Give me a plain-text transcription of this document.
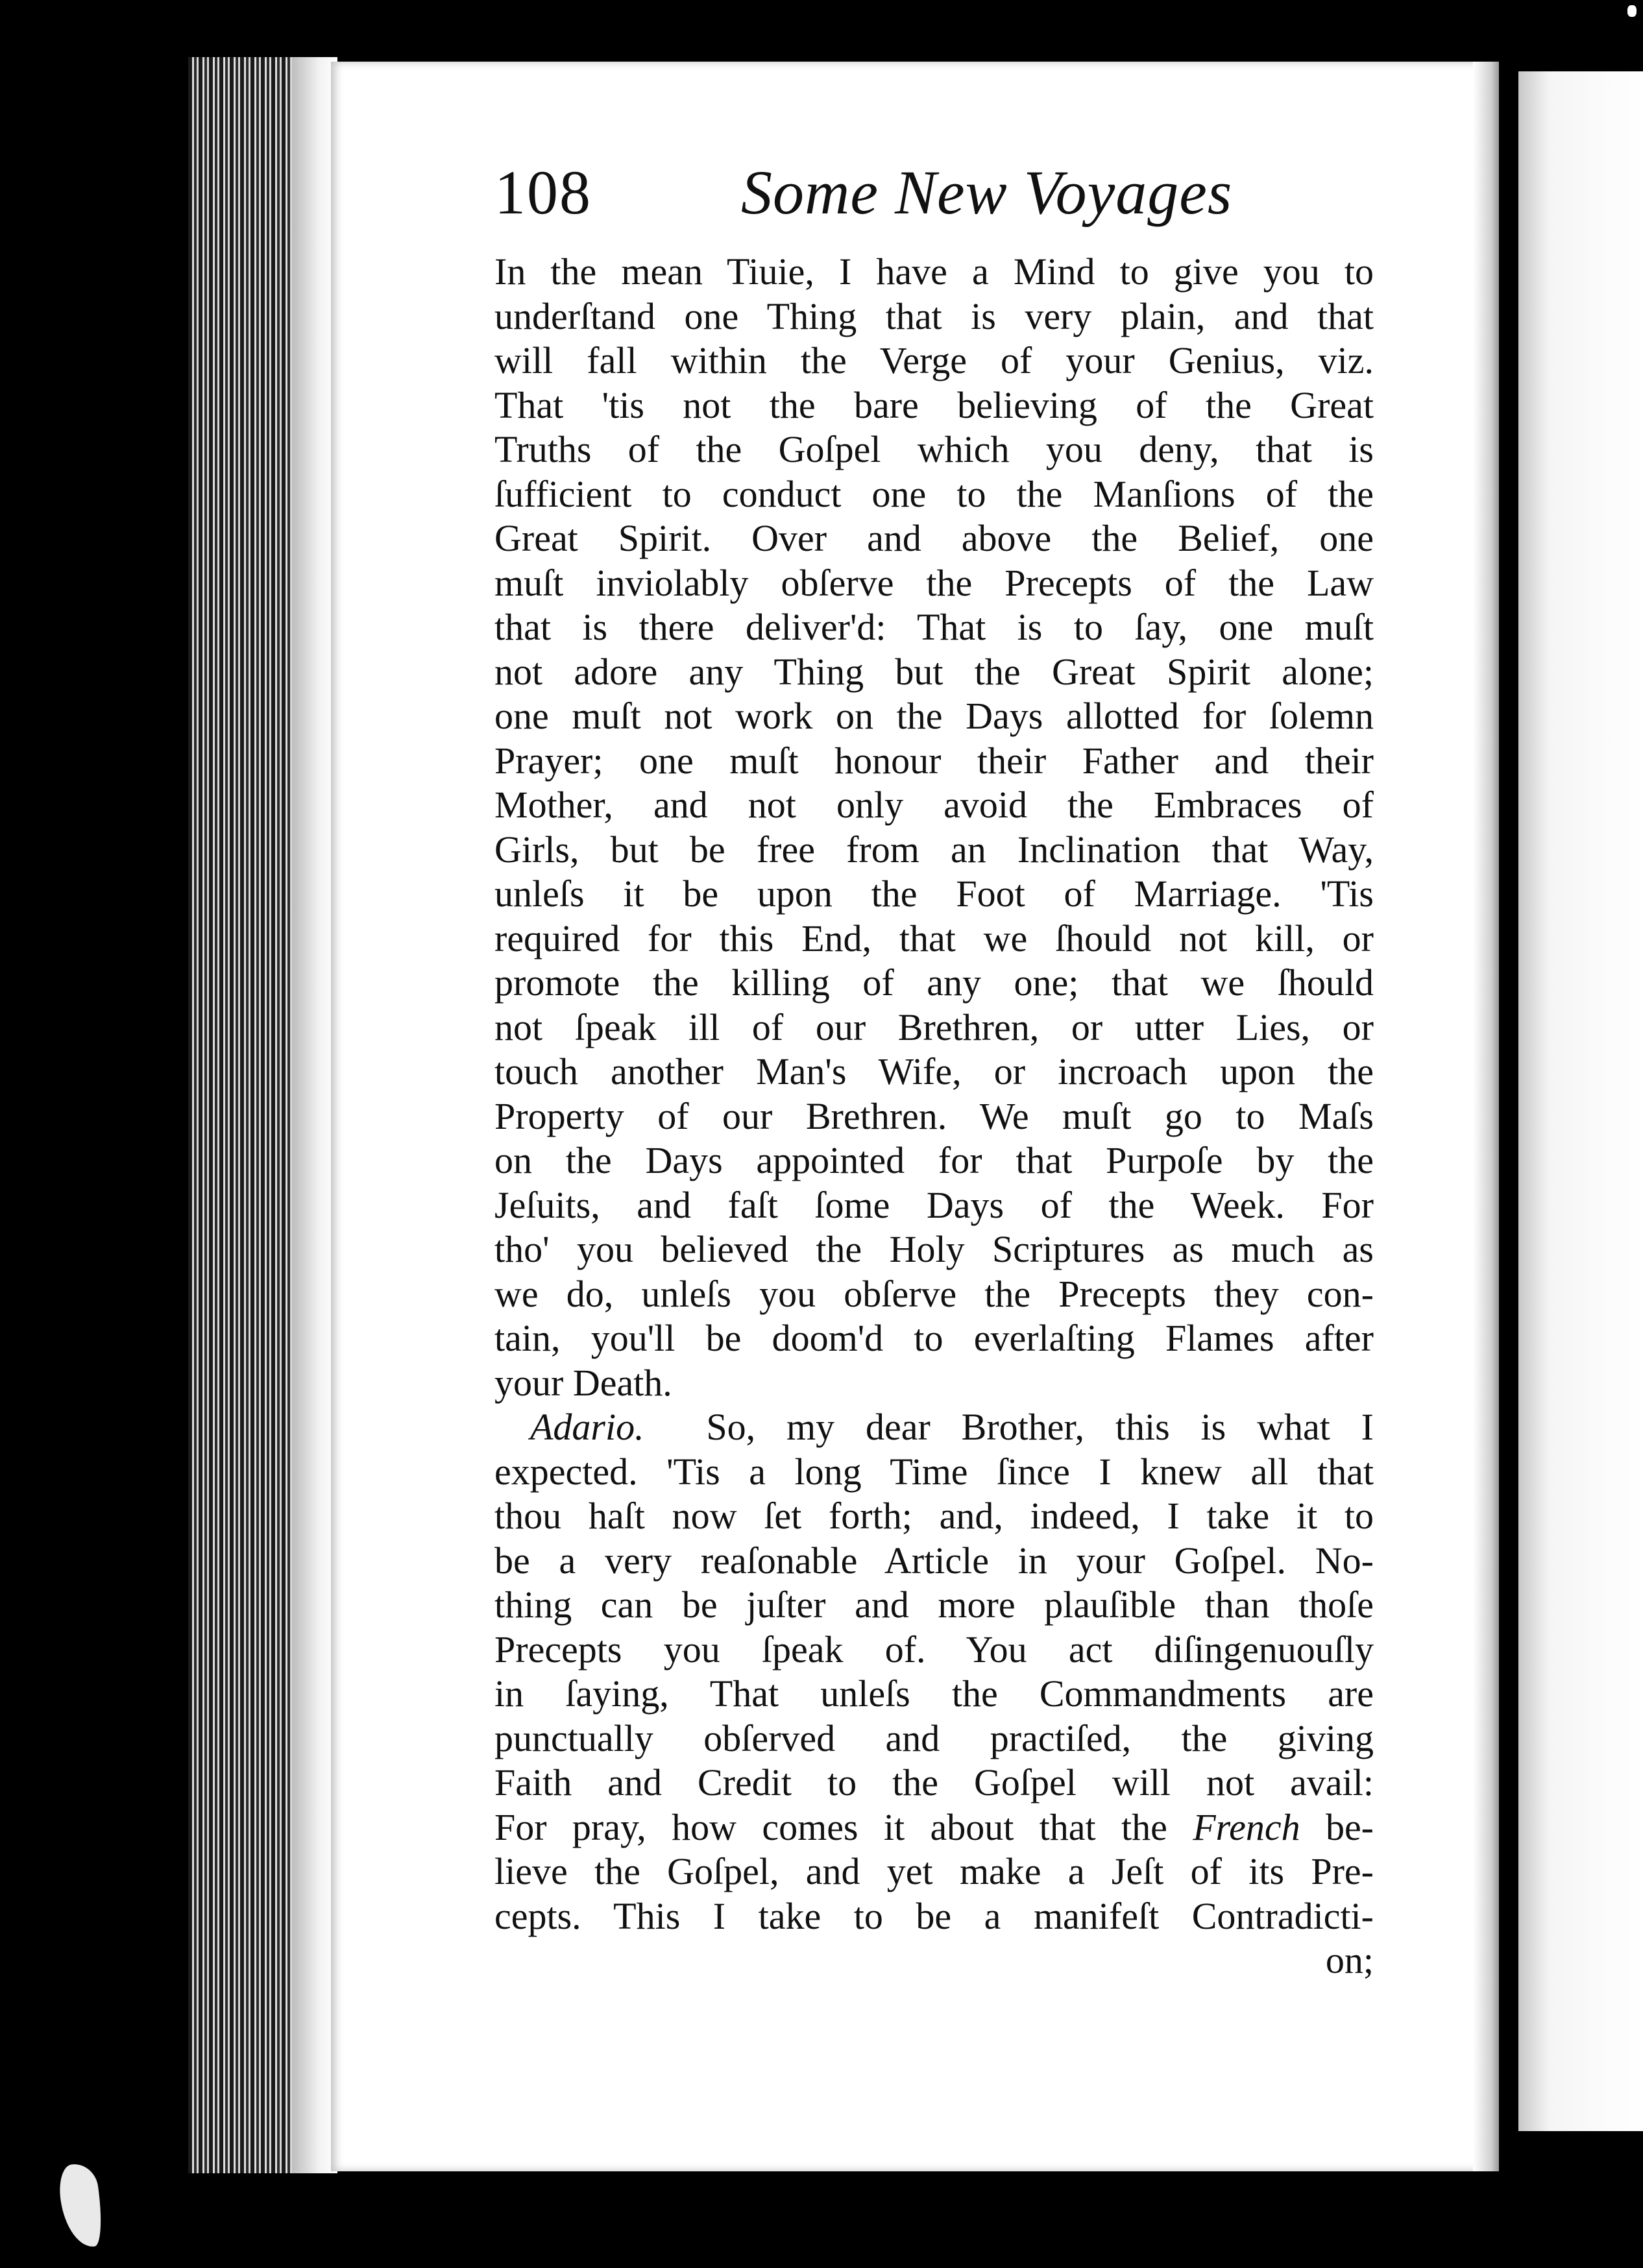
108 Some New Voyages
In the mean Tiuie, I have a Mind to give you to
underſtand one Thing that is very plain, and that
will fall within the Verge of your Genius, viz.
That 'tis not the bare believing of the Great
Truths of the Goſpel which you deny, that is
ſufficient to conduct one to the Manſions of the
Great Spirit. Over and above the Belief, one
muſt inviolably obſerve the Precepts of the Law
that is there deliver'd: That is to ſay, one muſt
not adore any Thing but the Great Spirit alone;
one muſt not work on the Days allotted for ſolemn
Prayer; one muſt honour their Father and their
Mother, and not only avoid the Embraces of
Girls, but be free from an Inclination that Way,
unleſs it be upon the Foot of Marriage. 'Tis
required for this End, that we ſhould not kill, or
promote the killing of any one; that we ſhould
not ſpeak ill of our Brethren, or utter Lies, or
touch another Man's Wife, or incroach upon the
Property of our Brethren. We muſt go to Maſs
on the Days appointed for that Purpoſe by the
Jeſuits, and faſt ſome Days of the Week. For
tho' you believed the Holy Scriptures as much as
we do, unleſs you obſerve the Precepts they con-
tain, you'll be doom'd to everlaſting Flames after
your Death.
Adario. So, my dear Brother, this is what I
expected. 'Tis a long Time ſince I knew all that
thou haſt now ſet forth; and, indeed, I take it to
be a very reaſonable Article in your Goſpel. No-
thing can be juſter and more plauſible than thoſe
Precepts you ſpeak of. You act diſingenuouſly
in ſaying, That unleſs the Commandments are
punctually obſerved and practiſed, the giving
Faith and Credit to the Goſpel will not avail:
For pray, how comes it about that the French be-
lieve the Goſpel, and yet make a Jeſt of its Pre-
cepts. This I take to be a manifeſt Contradicti-
on;
